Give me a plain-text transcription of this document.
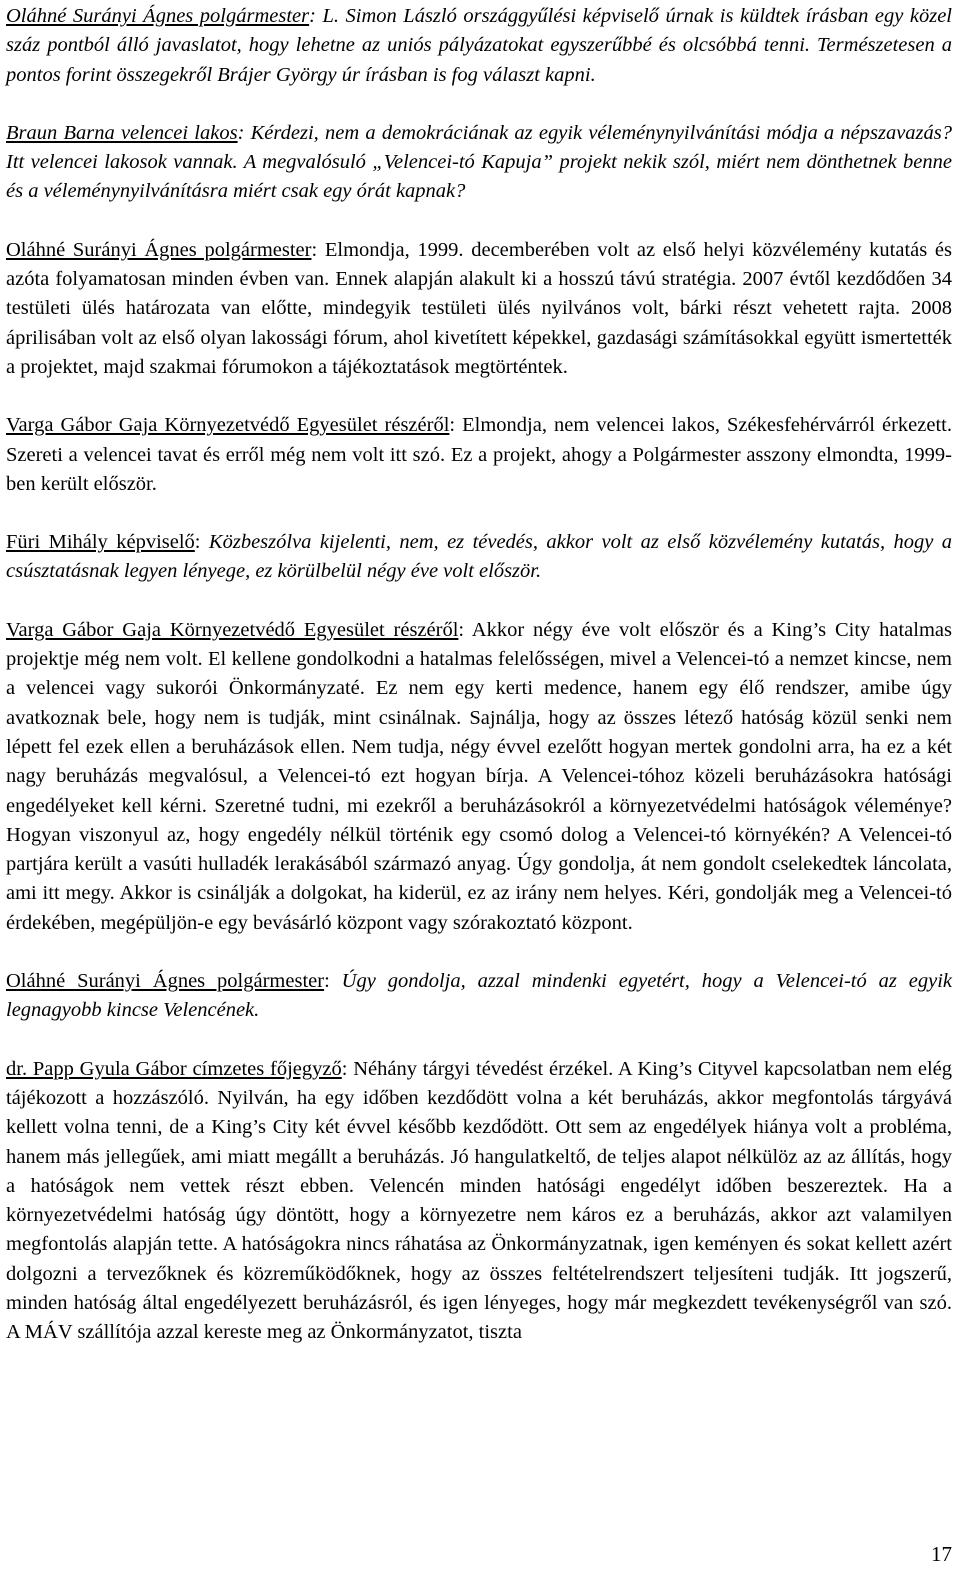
Oláhné Surányi Ágnes polgármester: L. Simon László országgyűlési képviselő úrnak is küldtek írásban egy közel száz pontból álló javaslatot, hogy lehetne az uniós pályázatokat egyszerűbbé és olcsóbbá tenni. Természetesen a pontos forint összegekről Brájer György úr írásban is fog választ kapni.

Braun Barna velencei lakos: Kérdezi, nem a demokráciának az egyik véleménynyilvánítási módja a népszavazás? Itt velencei lakosok vannak. A megvalósuló „Velencei-tó Kapuja” projekt nekik szól, miért nem dönthetnek benne és a véleménynyilvánításra miért csak egy órát kapnak?

Oláhné Surányi Ágnes polgármester: Elmondja, 1999. decemberében volt az első helyi közvélemény kutatás és azóta folyamatosan minden évben van. Ennek alapján alakult ki a hosszú távú stratégia. 2007 évtől kezdődően 34 testületi ülés határozata van előtte, mindegyik testületi ülés nyilvános volt, bárki részt vehetett rajta. 2008 áprilisában volt az első olyan lakossági fórum, ahol kivetített képekkel, gazdasági számításokkal együtt ismertették a projektet, majd szakmai fórumokon a tájékoztatások megtörténtek.

Varga Gábor Gaja Környezetvédő Egyesület részéről: Elmondja, nem velencei lakos, Székesfehérvárról érkezett. Szereti a velencei tavat és erről még nem volt itt szó. Ez a projekt, ahogy a Polgármester asszony elmondta, 1999-ben került először.

Füri Mihály képviselő: Közbeszólva kijelenti, nem, ez tévedés, akkor volt az első közvélemény kutatás, hogy a csúsztatásnak legyen lényege, ez körülbelül négy éve volt először.

Varga Gábor Gaja Környezetvédő Egyesület részéről: Akkor négy éve volt először és a King’s City hatalmas projektje még nem volt. El kellene gondolkodni a hatalmas felelősségen, mivel a Velencei-tó a nemzet kincse, nem a velencei vagy sukorói Önkormányzaté. Ez nem egy kerti medence, hanem egy élő rendszer, amibe úgy avatkoznak bele, hogy nem is tudják, mint csinálnak. Sajnálja, hogy az összes létező hatóság közül senki nem lépett fel ezek ellen a beruházások ellen. Nem tudja, négy évvel ezelőtt hogyan mertek gondolni arra, ha ez a két nagy beruházás megvalósul, a Velencei-tó ezt hogyan bírja. A Velencei-tóhoz közeli beruházásokra hatósági engedélyeket kell kérni. Szeretné tudni, mi ezekről a beruházásokról a környezetvédelmi hatóságok véleménye? Hogyan viszonyul az, hogy engedély nélkül történik egy csomó dolog a Velencei-tó környékén? A Velencei-tó partjára került a vasúti hulladék lerakásából származó anyag. Úgy gondolja, át nem gondolt cselekedtek láncolata, ami itt megy. Akkor is csinálják a dolgokat, ha kiderül, ez az irány nem helyes. Kéri, gondolják meg a Velencei-tó érdekében, megépüljön-e egy bevásárló központ vagy szórakoztató központ.

Oláhné Surányi Ágnes polgármester: Úgy gondolja, azzal mindenki egyetért, hogy a Velencei-tó az egyik legnagyobb kincse Velencének.

dr. Papp Gyula Gábor címzetes főjegyző: Néhány tárgyi tévedést érzékel. A King’s Cityvel kapcsolatban nem elég tájékozott a hozzászóló. Nyilván, ha egy időben kezdődött volna a két beruházás, akkor megfontolás tárgyává kellett volna tenni, de a King’s City két évvel később kezdődött. Ott sem az engedélyek hiánya volt a probléma, hanem más jellegűek, ami miatt megállt a beruházás. Jó hangulatkeltő, de teljes alapot nélkülöz az az állítás, hogy a hatóságok nem vettek részt ebben. Velencén minden hatósági engedélyt időben beszereztek. Ha a környezetvédelmi hatóság úgy döntött, hogy a környezetre nem káros ez a beruházás, akkor azt valamilyen megfontolás alapján tette. A hatóságokra nincs ráhatása az Önkormányzatnak, igen keményen és sokat kellett azért dolgozni a tervezőknek és közreműködőknek, hogy az összes feltételrendszert teljesíteni tudják. Itt jogszerű, minden hatóság által engedélyezett beruházásról, és igen lényeges, hogy már megkezdett tevékenységről van szó. A MÁV szállítója azzal kereste meg az Önkormányzatot, tiszta

17
